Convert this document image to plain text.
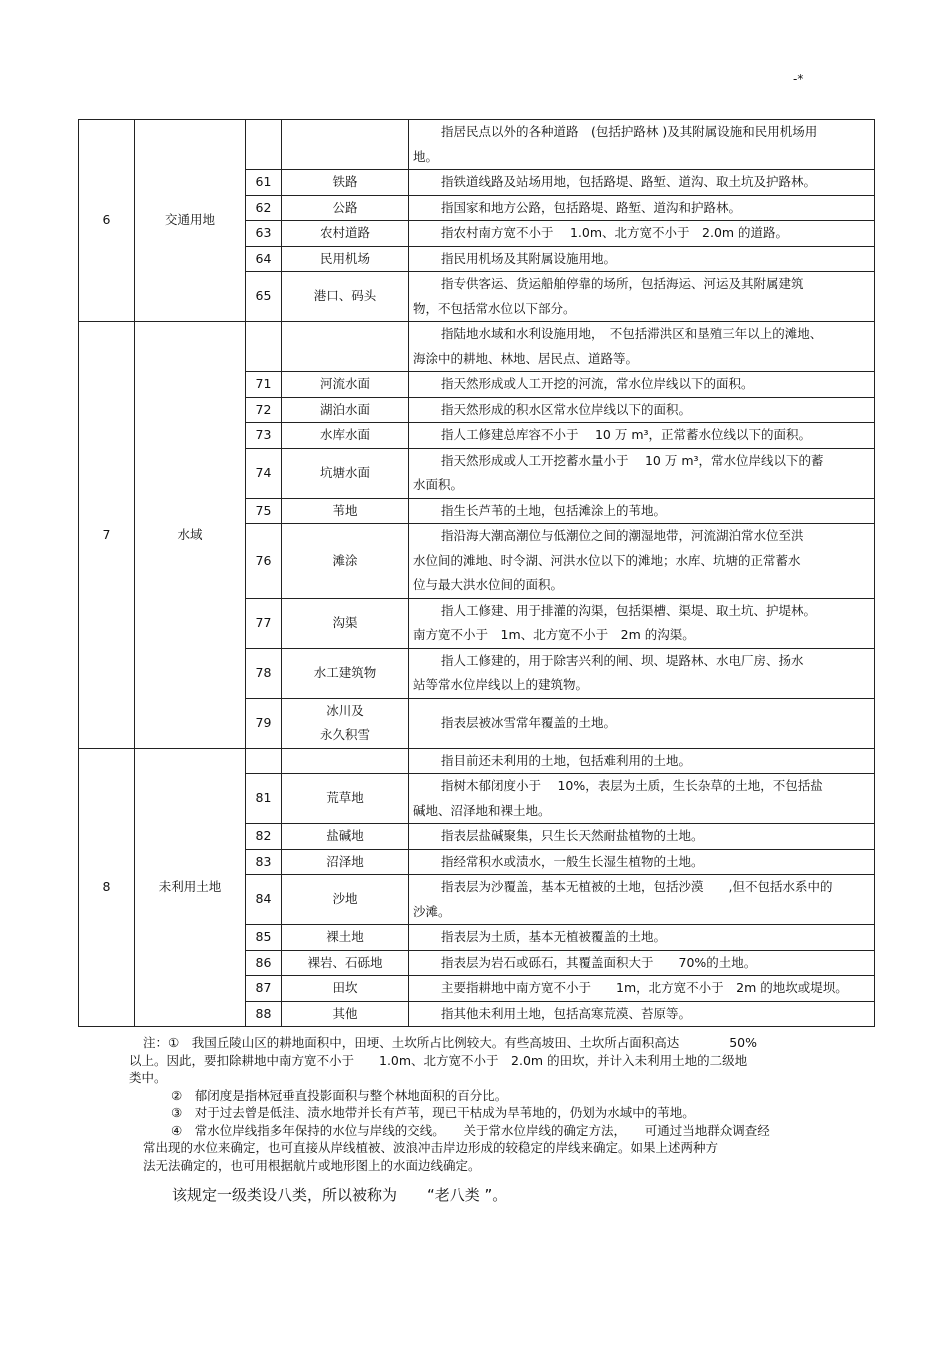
-*
6	交通用地			指居民点以外的各种道路　(包括护路林 )及其附属设施和民用机场用
地。

		61	铁路	指铁道线路及站场用地，包括路堤、路堑、道沟、取土坑及护路林。

		62	公路	指国家和地方公路，包括路堤、路堑、道沟和护路林。

		63	农村道路	指农村南方宽不小于　 1.0m、北方宽不小于　2.0m 的道路。

		64	民用机场	指民用机场及其附属设施用地。

		65	港口、码头	指专供客运、货运船舶停靠的场所，包括海运、河运及其附属建筑
物，不包括常水位以下部分。

7	水域			指陆地水域和水利设施用地，　不包括滞洪区和垦殖三年以上的滩地、
海涂中的耕地、林地、居民点、道路等。

		71	河流水面	指天然形成或人工开挖的河流，常水位岸线以下的面积。

		72	湖泊水面	指天然形成的积水区常水位岸线以下的面积。

		73	水库水面	指人工修建总库容不小于　 10 万 m³，正常蓄水位线以下的面积。

		74	坑塘水面	指天然形成或人工开挖蓄水量小于　 10 万 m³，常水位岸线以下的蓄
水面积。

		75	苇地	指生长芦苇的土地，包括滩涂上的苇地。

		76	滩涂	指沿海大潮高潮位与低潮位之间的潮湿地带，河流湖泊常水位至洪
水位间的滩地、时令湖、河洪水位以下的滩地；水库、坑塘的正常蓄水
位与最大洪水位间的面积。

		77	沟渠	指人工修建、用于排灌的沟渠，包括渠槽、渠堤、取土坑、护堤林。
南方宽不小于　1m、北方宽不小于　2m 的沟渠。

		78	水工建筑物	指人工修建的，用于除害兴利的闸、坝、堤路林、水电厂房、扬水
站等常水位岸线以上的建筑物。

		79	冰川及
永久积雪	指表层被冰雪常年覆盖的土地。

8	未利用土地			指目前还未利用的土地，包括难利用的土地。

		81	荒草地	指树木郁闭度小于　 10%，表层为土质，生长杂草的土地，不包括盐
碱地、沼泽地和裸土地。

		82	盐碱地	指表层盐碱聚集，只生长天然耐盐植物的土地。

		83	沼泽地	指经常积水或渍水，一般生长湿生植物的土地。

		84	沙地	指表层为沙覆盖，基本无植被的土地，包括沙漠　　,但不包括水系中的
沙滩。

		85	裸土地	指表层为土质，基本无植被覆盖的土地。

		86	裸岩、石砾地	指表层为岩石或砾石，其覆盖面积大于　　70%的土地。

		87	田坎	主要指耕地中南方宽不小于　　1m，北方宽不小于　2m 的地坎或堤坝。

		88	其他	指其他未利用土地，包括高寒荒漠、苔原等。

注：①　我国丘陵山区的耕地面积中，田埂、土坎所占比例较大。有些高坡田、土坎所占面积高达　　　　50%

以上。因此，要扣除耕地中南方宽不小于　　1.0m、北方宽不小于　2.0m 的田坎，并计入未利用土地的二级地

类中。

②　郁闭度是指林冠垂直投影面积与整个林地面积的百分比。

③　对于过去曾是低洼、渍水地带并长有芦苇，现已干枯成为旱苇地的，仍划为水域中的苇地。

④　常水位岸线指多年保持的水位与岸线的交线。　　关于常水位岸线的确定方法，　　可通过当地群众调查经

常出现的水位来确定，也可直接从岸线植被、波浪冲击岸边形成的较稳定的岸线来确定。如果上述两种方

法无法确定的，也可用根据航片或地形图上的水面边线确定。

该规定一级类设八类，所以被称为　　“老八类 ”。
